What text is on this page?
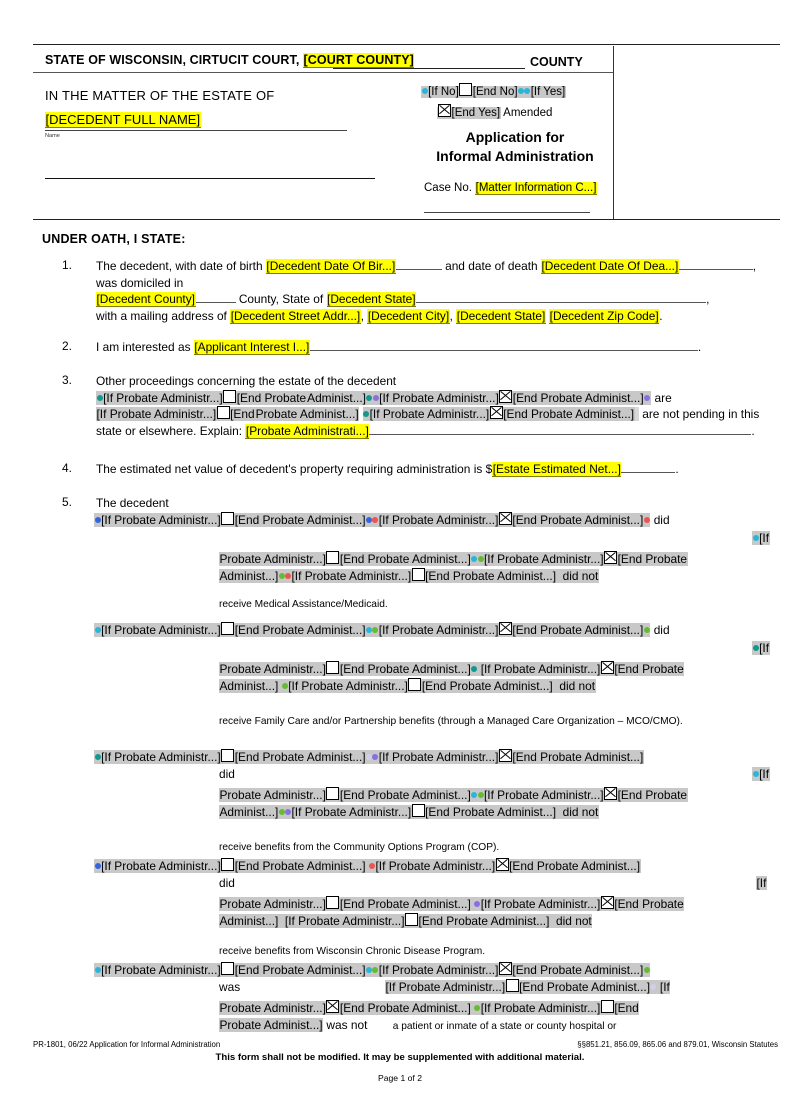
STATE OF WISCONSIN, CIRTUCIT COURT, [COURT COUNTY]	COUNTY
IN THE MATTER OF THE ESTATE OF
[DECEDENT FULL NAME]
Name
[If No] [End No] [If Yes]
[End Yes] Amended
Application for
Informal Administration
Case No. [Matter Information C...]
UNDER OATH, I STATE:
1. The decedent, with date of birth [Decedent Date Of Bir...]	and date of death [Decedent Date Of Dea...]	, was domiciled in
[Decedent County]	County, State of [Decedent State]	,
with a mailing address of [Decedent Street Addr...], [Decedent City], [Decedent State] [Decedent Zip Code].
2. I am interested as [Applicant Interest I...]	.
3. Other proceedings concerning the estate of the decedent [If Probate Administr...] [End ProbateAdminist...] [If Probate Administr...] [End Probate Administ...] are [If Probate Administr...] [EndProbate Administ...] [If Probate Administr...] [End Probate Administ...] are not pending in this state or elsewhere. Explain: [Probate Administrati...]	.
4. The estimated net value of decedent's property requiring administration is $[Estate Estimated Net...]	.
5. The decedent
[If Probate Administr...] [End Probate Administ...] [If Probate Administr...] [End Probate Administ...] did
[If
Probate Administr...] [End Probate Administ...] [If Probate Administr...] [End Probate
Administ...] [If Probate Administr...] [End Probate Administ...] did not
receive Medical Assistance/Medicaid.
[If Probate Administr...] [End Probate Administ...] [If Probate Administr...] [End Probate Administ...] did
[If
Probate Administr...] [End Probate Administ...] [If Probate Administr...] [End Probate
Administ...] [If Probate Administr...] [End Probate Administ...] did not
receive Family Care and/or Partnership benefits (through a Managed Care Organization – MCO/CMO).
[If Probate Administr...] [End Probate Administ...] [If Probate Administr...] [End Probate Administ...]
did	[If
Probate Administr...] [End Probate Administ...] [If Probate Administr...] [End Probate
Administ...] [If Probate Administr...] [End Probate Administ...] did not
receive benefits from the Community Options Program (COP).
[If Probate Administr...] [End Probate Administ...] [If Probate Administr...] [End Probate Administ...]
did	[If
Probate Administr...] [End Probate Administ...] [If Probate Administr...] [End Probate
Administ...] [If Probate Administr...] [End Probate Administ...] did not
receive benefits from Wisconsin Chronic Disease Program.
[If Probate Administr...] [End Probate Administ...] [If Probate Administr...] [End Probate Administ...]
was	[If Probate Administr...] [End Probate Administ...] [If
Probate Administr...] [End Probate Administ...] [If Probate Administr...] [End
Probate Administ...] was not a patient or inmate of a state or county hospital or
PR-1801, 06/22 Application for Informal Administration	§§851.21, 856.09, 865.06 and 879.01, Wisconsin Statutes
This form shall not be modified. It may be supplemented with additional material.
Page 1 of 2
